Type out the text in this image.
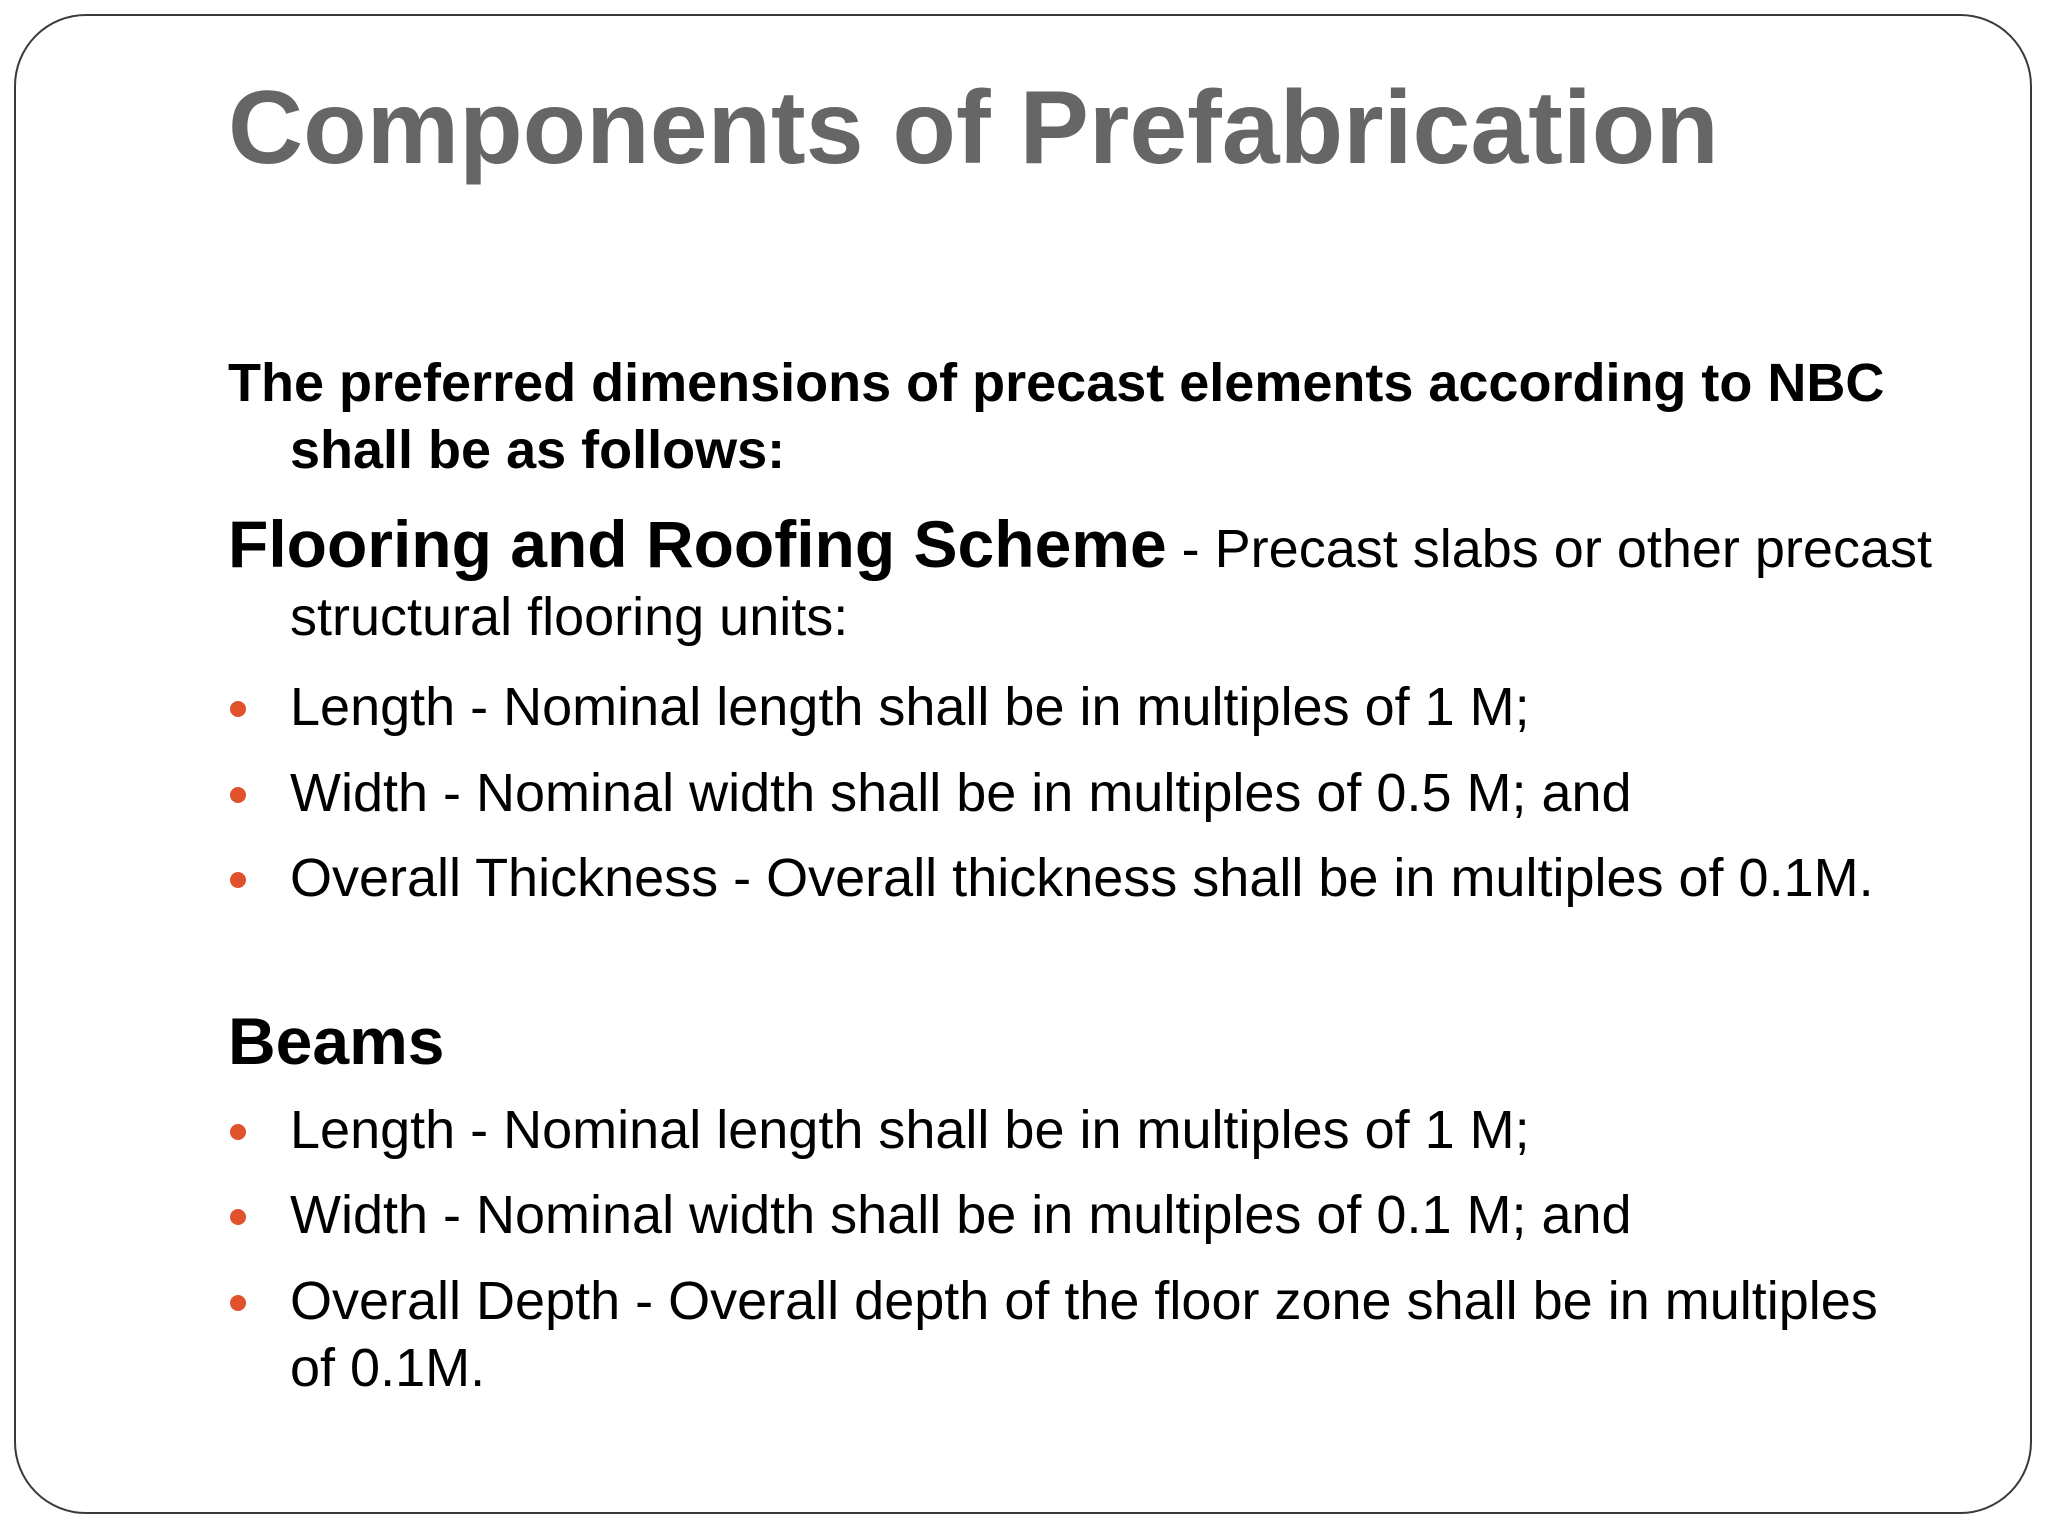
Components of Prefabrication
The preferred dimensions of precast elements according to NBC shall be as follows:
Flooring and Roofing Scheme - Precast slabs or other precast structural flooring units:
Length - Nominal length shall be in multiples of 1 M;
Width - Nominal width shall be in multiples of 0.5 M; and
Overall Thickness - Overall thickness shall be in multiples of 0.1M.
Beams
Length - Nominal length shall be in multiples of 1 M;
Width - Nominal width shall be in multiples of 0.1 M; and
Overall Depth - Overall depth of the floor zone shall be in multiples of 0.1M.
